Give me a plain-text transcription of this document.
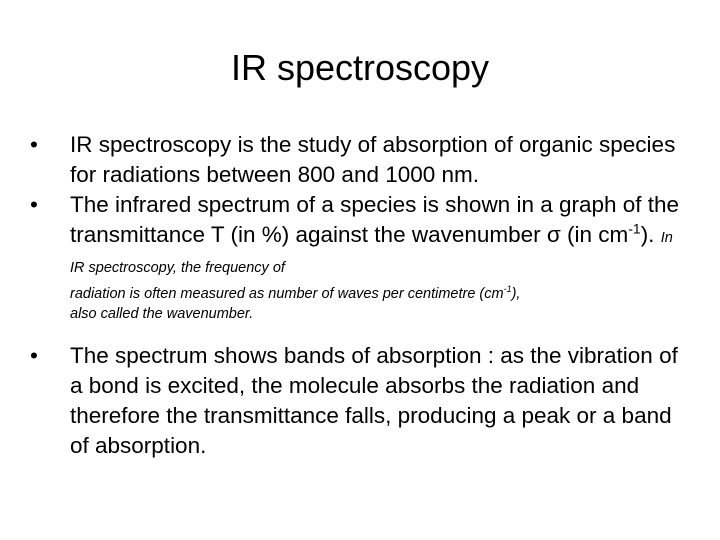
IR spectroscopy
•	IR spectroscopy is the study of absorption of organic species for radiations between 800 and 1000 nm.
•	The infrared spectrum of a species is shown in a graph of the transmittance T (in %) against the wavenumber σ (in $cm^{-1}$). In IR spectroscopy, the frequency of
radiation is often measured as number of waves per centimetre $(cm^{-1})$,
also called the wavenumber.
•	The spectrum shows bands of absorption : as the vibration of a bond is excited, the molecule absorbs the radiation and therefore the transmittance falls, producing a peak or a band of absorption.
